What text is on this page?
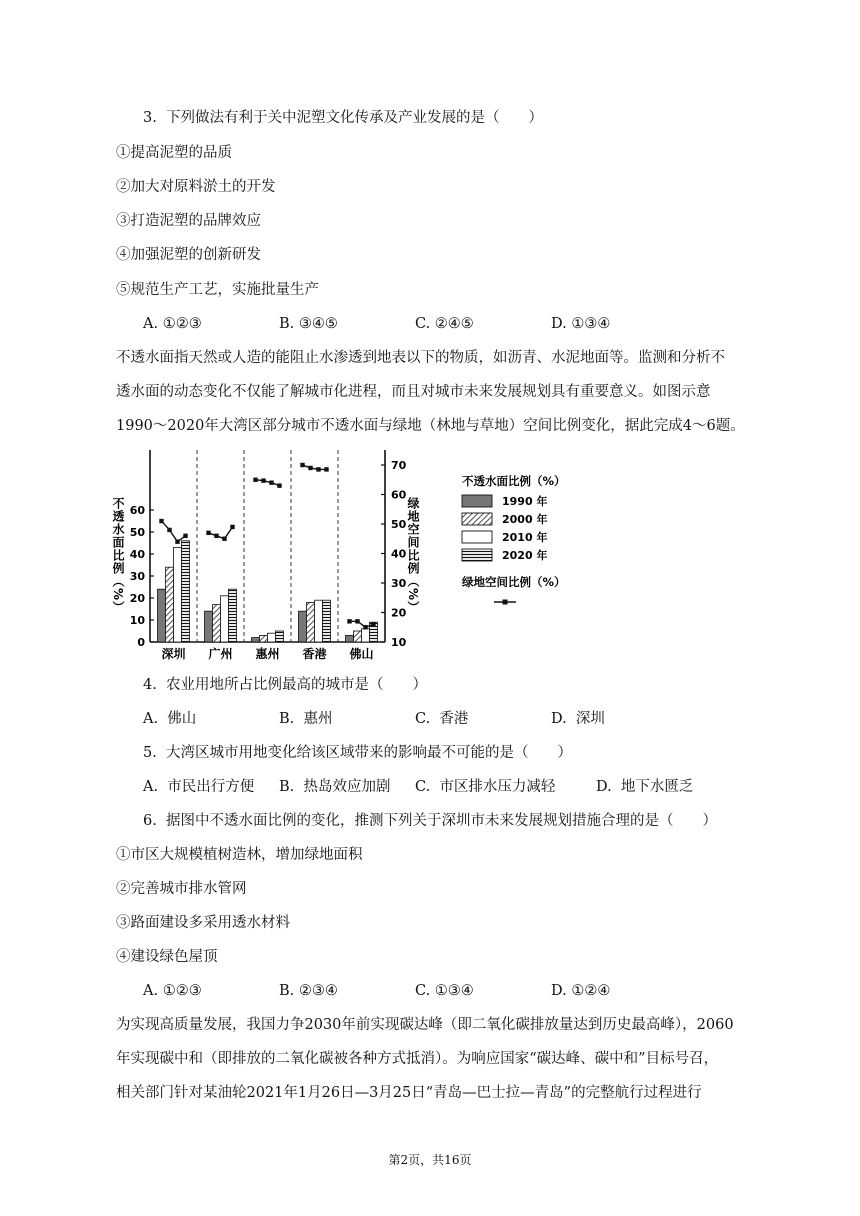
3.  下列做法有利于关中泥塑文化传承及产业发展的是（　　）
①提高泥塑的品质
②加大对原料淤土的开发
③打造泥塑的品牌效应
④加强泥塑的创新研发
⑤规范生产工艺，实施批量生产
A. ①②③	B. ③④⑤	C. ②④⑤	D. ①③④
不透水面指天然或人造的能阻止水渗透到地表以下的物质，如沥青、水泥地面等。监测和分析不
透水面的动态变化不仅能了解城市化进程，而且对城市未来发展规划具有重要意义。如图示意
1990～2020年大湾区部分城市不透水面与绿地（林地与草地）空间比例变化，据此完成4～6题。
0
10
20
30
40
50
60
10
20
30
40
50
60
70
不透水面比例（%）	绿地空间比例（%）
深圳 广州 惠州 香港 佛山
不透水面比例（%）
1990 年
2000 年
2010 年
2020 年
绿地空间比例（%）
4.  农业用地所占比例最高的城市是（　　）
A.  佛山	B.  惠州	C.  香港	D.  深圳
5.  大湾区城市用地变化给该区域带来的影响最不可能的是（　　）
A.  市民出行方便 B.  热岛效应加剧 C.  市区排水压力减轻	D.  地下水匮乏
6.  据图中不透水面比例的变化，推测下列关于深圳市未来发展规划措施合理的是（　　）
①市区大规模植树造林，增加绿地面积
②完善城市排水管网
③路面建设多采用透水材料
④建设绿色屋顶
A. ①②③	B. ②③④	C. ①③④	D. ①②④
为实现高质量发展，我国力争2030年前实现碳达峰（即二氧化碳排放量达到历史最高峰），2060
年实现碳中和（即排放的二氧化碳被各种方式抵消）。为响应国家“碳达峰、碳中和”目标号召，
相关部门针对某油轮2021年1月26日—3月25日“青岛—巴士拉—青岛”的完整航行过程进行
第2页，共16页
